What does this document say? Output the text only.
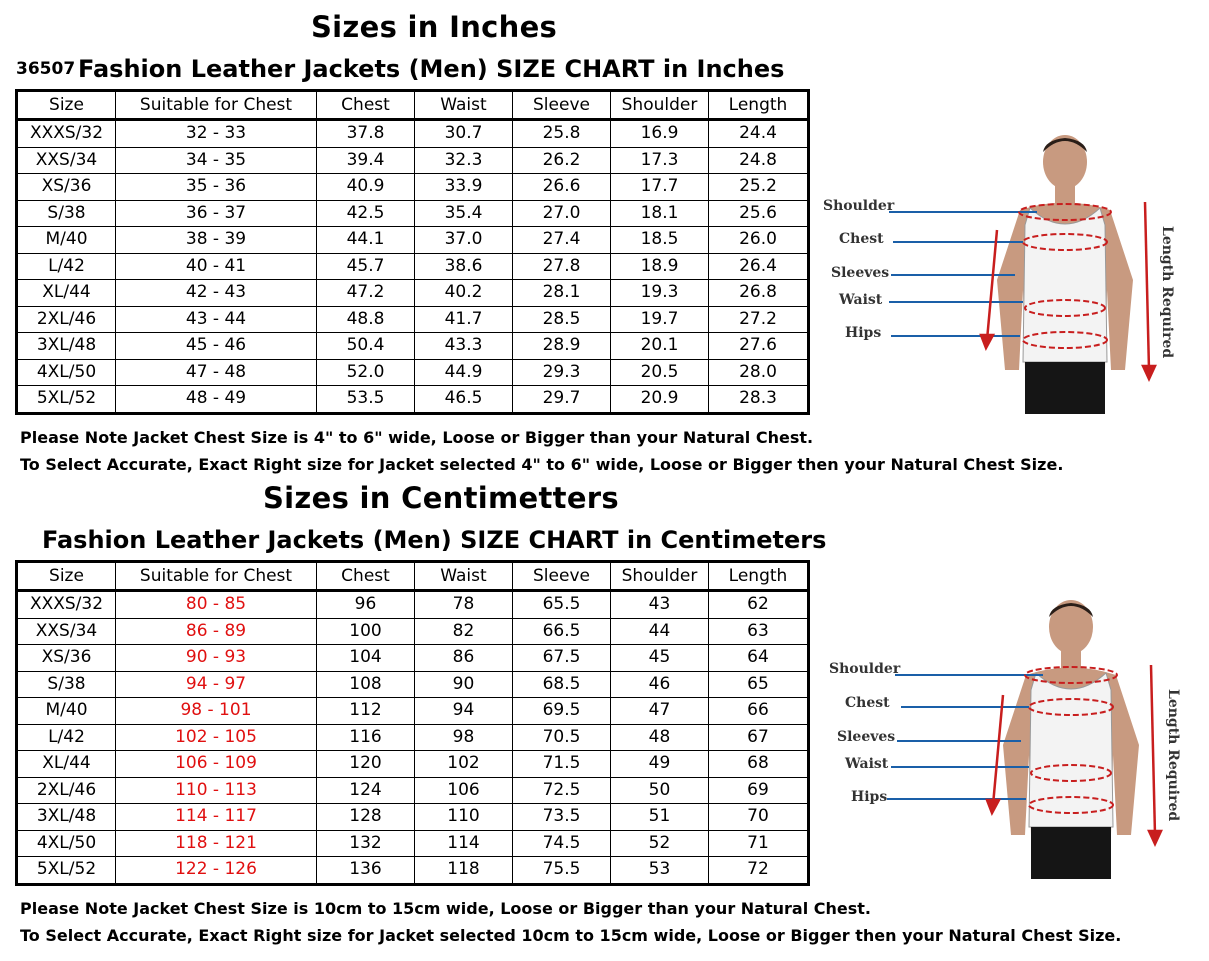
Sizes in Inches
36507 Fashion Leather Jackets (Men) SIZE CHART in Inches
Size	Suitable for Chest	Chest	Waist	Sleeve	Shoulder	Length
XXXS/32	32 - 33	37.8	30.7	25.8	16.9	24.4
XXS/34	34 - 35	39.4	32.3	26.2	17.3	24.8
XS/36	35 - 36	40.9	33.9	26.6	17.7	25.2
S/38	36 - 37	42.5	35.4	27.0	18.1	25.6
M/40	38 - 39	44.1	37.0	27.4	18.5	26.0
L/42	40 - 41	45.7	38.6	27.8	18.9	26.4
XL/44	42 - 43	47.2	40.2	28.1	19.3	26.8
2XL/46	43 - 44	48.8	41.7	28.5	19.7	27.2
3XL/48	45 - 46	50.4	43.3	28.9	20.1	27.6
4XL/50	47 - 48	52.0	44.9	29.3	20.5	28.0
5XL/52	48 - 49	53.5	46.5	29.7	20.9	28.3
Please Note Jacket Chest Size is 4" to 6" wide, Loose or Bigger than your Natural Chest.
To Select Accurate, Exact Right size for Jacket selected 4" to 6" wide, Loose or Bigger then your Natural Chest Size.
Sizes in Centimetters
Fashion Leather Jackets (Men) SIZE CHART in Centimeters
Size	Suitable for Chest	Chest	Waist	Sleeve	Shoulder	Length
XXXS/32	80 - 85	96	78	65.5	43	62
XXS/34	86 - 89	100	82	66.5	44	63
XS/36	90 - 93	104	86	67.5	45	64
S/38	94 - 97	108	90	68.5	46	65
M/40	98 - 101	112	94	69.5	47	66
L/42	102 - 105	116	98	70.5	48	67
XL/44	106 - 109	120	102	71.5	49	68
2XL/46	110 - 113	124	106	72.5	50	69
3XL/48	114 - 117	128	110	73.5	51	70
4XL/50	118 - 121	132	114	74.5	52	71
5XL/52	122 - 126	136	118	75.5	53	72
Please Note Jacket Chest Size is 10cm to 15cm wide, Loose or Bigger than your Natural Chest.
To Select Accurate, Exact Right size for Jacket selected 10cm to 15cm wide, Loose or Bigger then your Natural Chest Size.
Shoulder
Chest
Sleeves
Waist
Hips	Length Required
Shoulder
Chest
Sleeves
Waist
Hips	Length Required
